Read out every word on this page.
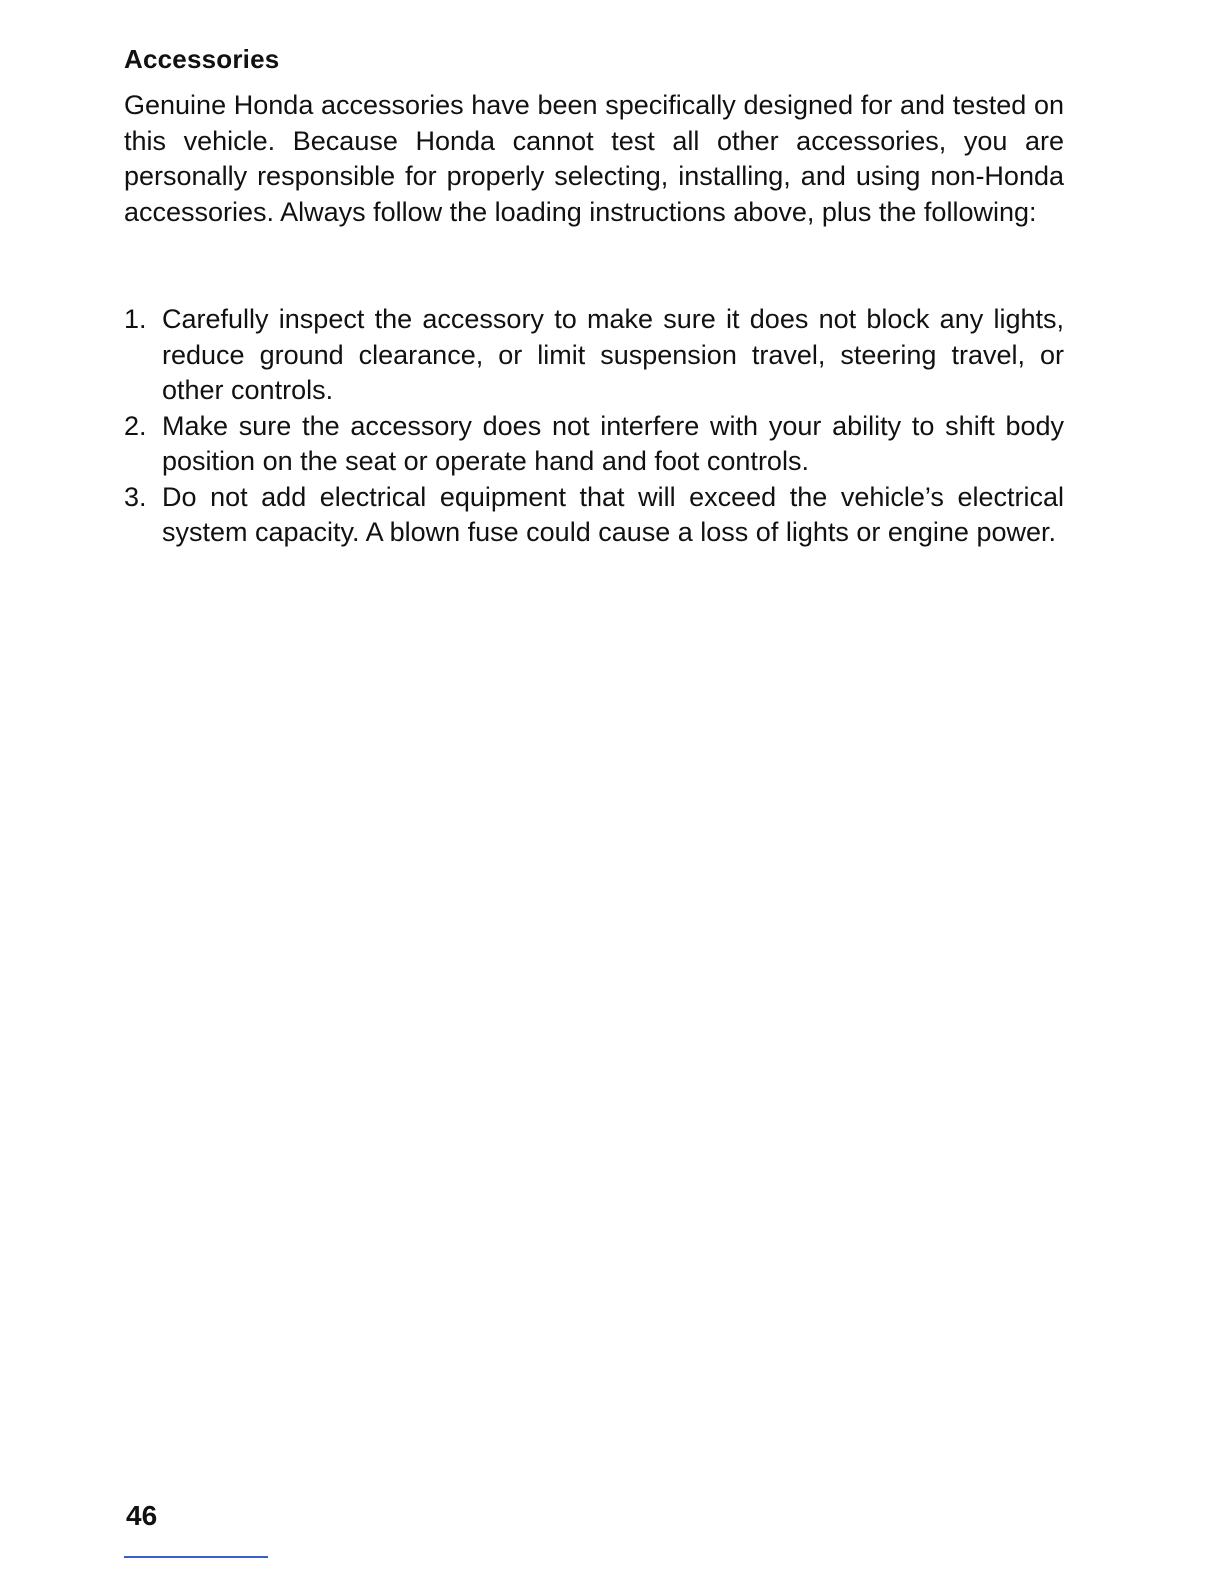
Accessories

Genuine Honda accessories have been specifically designed for and tested on this vehicle. Because Honda cannot test all other accessories, you are personally responsible for properly selecting, installing, and using non-Honda accessories. Always follow the loading instructions above, plus the following:

1. Carefully inspect the accessory to make sure it does not block any lights, reduce ground clearance, or limit suspension travel, steering travel, or other controls.
2. Make sure the accessory does not interfere with your ability to shift body position on the seat or operate hand and foot controls.
3. Do not add electrical equipment that will exceed the vehicle’s electrical system capacity. A blown fuse could cause a loss of lights or engine power.
46
